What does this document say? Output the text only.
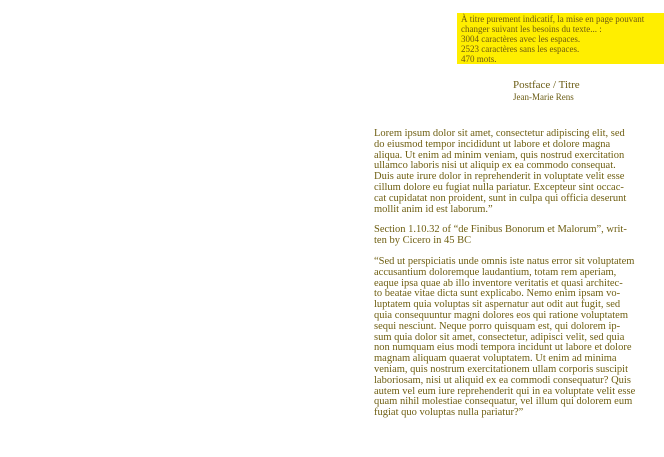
À titre purement indicatif, la mise en page pouvant
changer suivant les besoins du texte... :
3004 caractères avec les espaces.
2523 caractères sans les espaces.
470 mots.
Postface / Titre
Jean-Marie Rens

Lorem ipsum dolor sit amet, consectetur adipiscing elit, sed
do eiusmod tempor incididunt ut labore et dolore magna
aliqua. Ut enim ad minim veniam, quis nostrud exercitation
ullamco laboris nisi ut aliquip ex ea commodo consequat.
Duis aute irure dolor in reprehenderit in voluptate velit esse
cillum dolore eu fugiat nulla pariatur. Excepteur sint occac-
cat cupidatat non proident, sunt in culpa qui officia deserunt
mollit anim id est laborum.”

Section 1.10.32 of “de Finibus Bonorum et Malorum”, writ-
ten by Cicero in 45 BC

“Sed ut perspiciatis unde omnis iste natus error sit voluptatem
accusantium doloremque laudantium, totam rem aperiam,
eaque ipsa quae ab illo inventore veritatis et quasi architec-
to beatae vitae dicta sunt explicabo. Nemo enim ipsam vo-
luptatem quia voluptas sit aspernatur aut odit aut fugit, sed
quia consequuntur magni dolores eos qui ratione voluptatem
sequi nesciunt. Neque porro quisquam est, qui dolorem ip-
sum quia dolor sit amet, consectetur, adipisci velit, sed quia
non numquam eius modi tempora incidunt ut labore et dolore
magnam aliquam quaerat voluptatem. Ut enim ad minima
veniam, quis nostrum exercitationem ullam corporis suscipit
laboriosam, nisi ut aliquid ex ea commodi consequatur? Quis
autem vel eum iure reprehenderit qui in ea voluptate velit esse
quam nihil molestiae consequatur, vel illum qui dolorem eum
fugiat quo voluptas nulla pariatur?”
